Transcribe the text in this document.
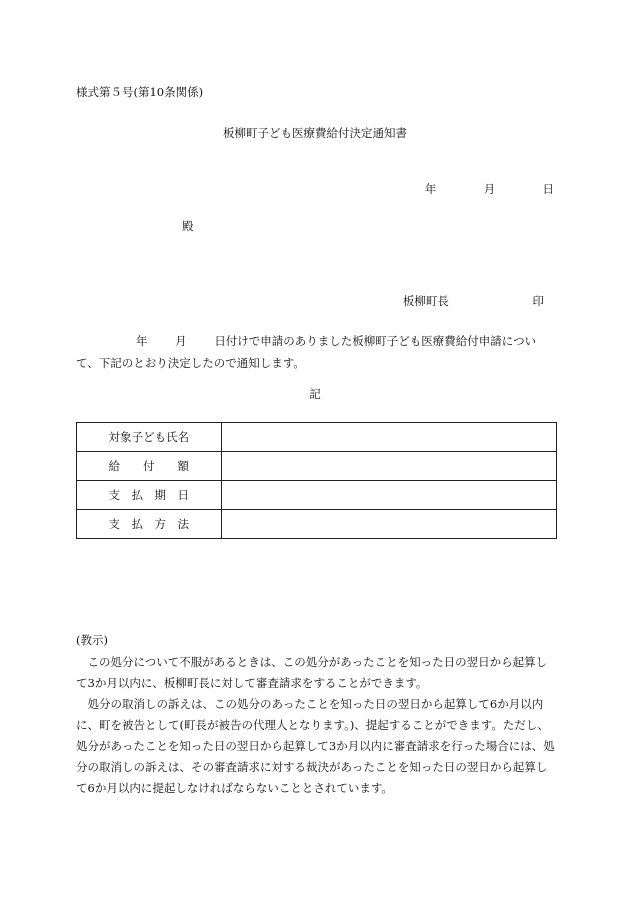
様式第５号(第10条関係)
板柳町子ども医療費給付決定通知書
年	月	日
殿
板柳町長	印
年 月 日付けで申請のありました板柳町子ども医療費給付申請について、下記のとおり決定したので通知します。
記
対象子ども氏名	
給　　付　　額	
支　払　期　日	
支　払　方　法	
(教示)

この処分について不服があるときは、この処分があったことを知った日の翌日から起算して3か月以内に、板柳町長に対して審査請求をすることができます。

処分の取消しの訴えは、この処分のあったことを知った日の翌日から起算して6か月以内に、町を被告として(町長が被告の代理人となります。)、提起することができます。ただし、処分があったことを知った日の翌日から起算して3か月以内に審査請求を行った場合には、処分の取消しの訴えは、その審査請求に対する裁決があったことを知った日の翌日から起算して6か月以内に提起しなければならないこととされています。
